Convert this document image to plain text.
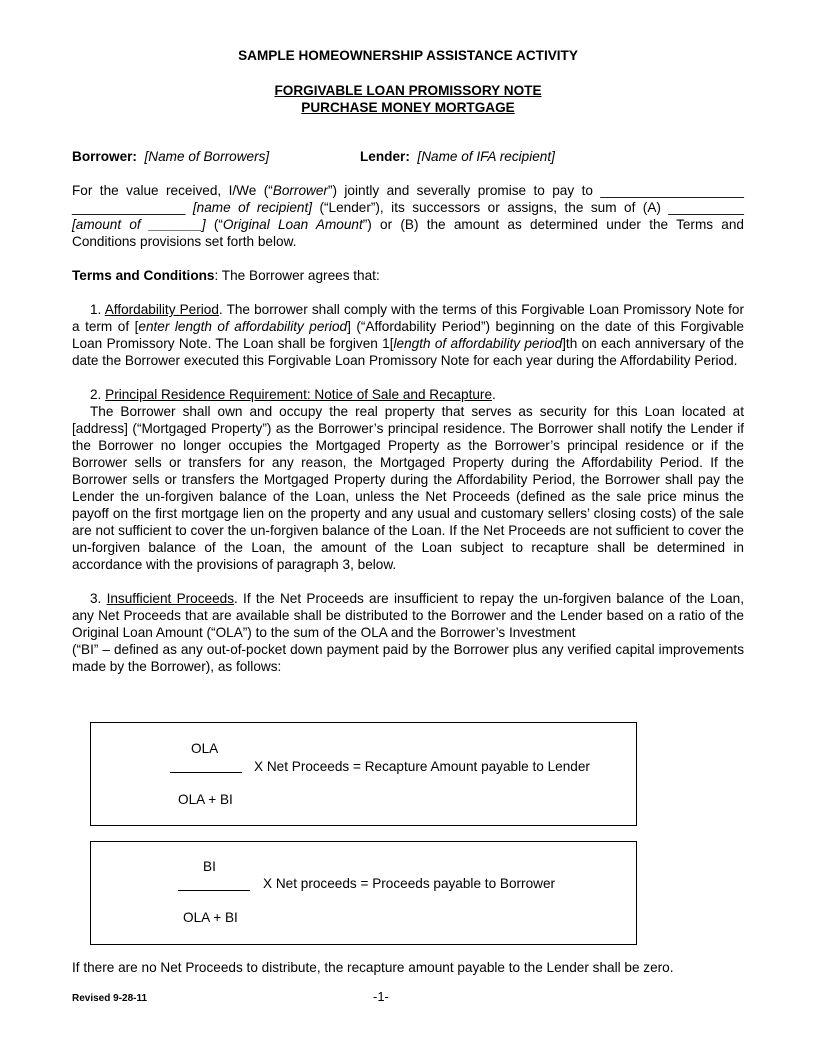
SAMPLE HOMEOWNERSHIP ASSISTANCE ACTIVITY

FORGIVABLE LOAN PROMISSORY NOTE

PURCHASE MONEY MORTGAGE

Borrower: [Name of Borrowers]	Lender: [Name of IFA recipient]

For the value received, I/We (“Borrower”) jointly and severally promise to pay to ___________________ _______________ [name of recipient] (“Lender”), its successors or assigns, the sum of (A) __________ [amount of _______] (“Original Loan Amount”) or (B) the amount as determined under the Terms and Conditions provisions set forth below.

Terms and Conditions: The Borrower agrees that:

1. Affordability Period. The borrower shall comply with the terms of this Forgivable Loan Promissory Note for a term of [enter length of affordability period] (“Affordability Period”) beginning on the date of this Forgivable Loan Promissory Note. The Loan shall be forgiven 1[length of affordability period]th on each anniversary of the date the Borrower executed this Forgivable Loan Promissory Note for each year during the Affordability Period.

2. Principal Residence Requirement: Notice of Sale and Recapture.

The Borrower shall own and occupy the real property that serves as security for this Loan located at [address] (“Mortgaged Property”) as the Borrower’s principal residence. The Borrower shall notify the Lender if the Borrower no longer occupies the Mortgaged Property as the Borrower’s principal residence or if the Borrower sells or transfers for any reason, the Mortgaged Property during the Affordability Period. If the Borrower sells or transfers the Mortgaged Property during the Affordability Period, the Borrower shall pay the Lender the un-forgiven balance of the Loan, unless the Net Proceeds (defined as the sale price minus the payoff on the first mortgage lien on the property and any usual and customary sellers’ closing costs) of the sale are not sufficient to cover the un-forgiven balance of the Loan. If the Net Proceeds are not sufficient to cover the un-forgiven balance of the Loan, the amount of the Loan subject to recapture shall be determined in accordance with the provisions of paragraph 3, below.

3. Insufficient Proceeds. If the Net Proceeds are insufficient to repay the un-forgiven balance of the Loan, any Net Proceeds that are available shall be distributed to the Borrower and the Lender based on a ratio of the Original Loan Amount (“OLA”) to the sum of the OLA and the Borrower’s Investment

(“BI” – defined as any out-of-pocket down payment paid by the Borrower plus any verified capital improvements made by the Borrower), as follows:

OLA
X Net Proceeds = Recapture Amount payable to Lender
OLA + BI
BI
X Net proceeds = Proceeds payable to Borrower
OLA + BI

If there are no Net Proceeds to distribute, the recapture amount payable to the Lender shall be zero.

Revised 9-28-11	-1-
